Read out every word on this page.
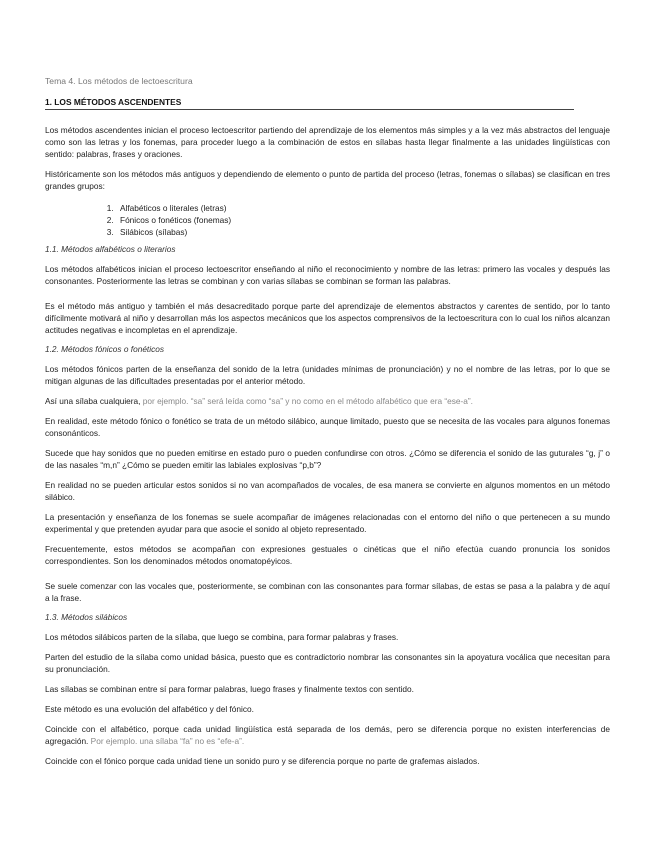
Tema 4. Los métodos de lectoescritura
1. LOS MÉTODOS ASCENDENTES

Los métodos ascendentes inician el proceso lectoescritor partiendo del aprendizaje de los elementos más simples y a la vez más abstractos del lenguaje como son las letras y los fonemas, para proceder luego a la combinación de estos en sílabas hasta llegar finalmente a las unidades lingüísticas con sentido: palabras, frases y oraciones.

Históricamente son los métodos más antiguos y dependiendo de elemento o punto de partida del proceso (letras, fonemas o sílabas) se clasifican en tres grandes grupos:

1. Alfabéticos o literales (letras)
2. Fónicos o fonéticos (fonemas)
3. Silábicos (sílabas)
1.1. Métodos alfabéticos o literarios

Los métodos alfabéticos inician el proceso lectoescritor enseñando al niño el reconocimiento y nombre de las letras: primero las vocales y después las consonantes. Posteriormente las letras se combinan y con varias sílabas se combinan se forman las palabras.

Es el método más antiguo y también el más desacreditado porque parte del aprendizaje de elementos abstractos y carentes de sentido, por lo tanto difícilmente motivará al niño y desarrollan más los aspectos mecánicos que los aspectos comprensivos de la lectoescritura con lo cual los niños alcanzan actitudes negativas e incompletas en el aprendizaje.

1.2. Métodos fónicos o fonéticos

Los métodos fónicos parten de la enseñanza del sonido de la letra (unidades mínimas de pronunciación) y no el nombre de las letras, por lo que se mitigan algunas de las dificultades presentadas por el anterior método.

Así una sílaba cualquiera, por ejemplo. “sa” será leída como “sa” y no como en el método alfabético que era “ese-a”.

En realidad, este método fónico o fonético se trata de un método silábico, aunque limitado, puesto que se necesita de las vocales para algunos fonemas consonánticos.

Sucede que hay sonidos que no pueden emitirse en estado puro o pueden confundirse con otros. ¿Cómo se diferencia el sonido de las guturales “g, j” o de las nasales “m,n” ¿Cómo se pueden emitir las labiales explosivas “p,b”?

En realidad no se pueden articular estos sonidos si no van acompañados de vocales, de esa manera se convierte en algunos momentos en un método silábico.

La presentación y enseñanza de los fonemas se suele acompañar de imágenes relacionadas con el entorno del niño o que pertenecen a su mundo experimental y que pretenden ayudar para que asocie el sonido al objeto representado.

Frecuentemente, estos métodos se acompañan con expresiones gestuales o cinéticas que el niño efectúa cuando pronuncia los sonidos correspondientes. Son los denominados métodos onomatopéyicos.

Se suele comenzar con las vocales que, posteriormente, se combinan con las consonantes para formar sílabas, de estas se pasa a la palabra y de aquí a la frase.

1.3. Métodos silábicos

Los métodos silábicos parten de la sílaba, que luego se combina, para formar palabras y frases.

Parten del estudio de la sílaba como unidad básica, puesto que es contradictorio nombrar las consonantes sin la apoyatura vocálica que necesitan para su pronunciación.

Las sílabas se combinan entre sí para formar palabras, luego frases y finalmente textos con sentido.

Este método es una evolución del alfabético y del fónico.

Coincide con el alfabético, porque cada unidad lingüística está separada de los demás, pero se diferencia porque no existen interferencias de agregación. Por ejemplo. una sílaba “fa” no es “efe-a”.

Coincide con el fónico porque cada unidad tiene un sonido puro y se diferencia porque no parte de grafemas aislados.
